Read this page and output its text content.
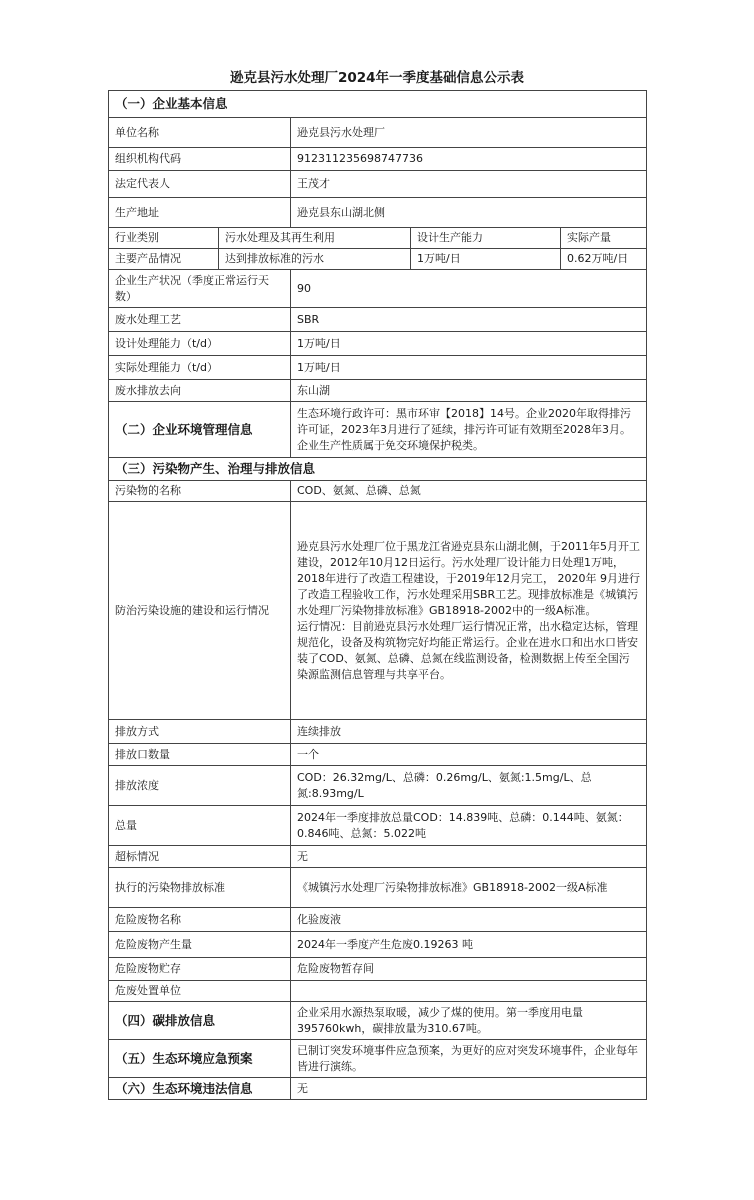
逊克县污水处理厂2024年一季度基础信息公示表
（一）企业基本信息				
单位名称		逊克县污水处理厂		
组织机构代码		912311235698747736		
法定代表人		王茂才		
生产地址		逊克县东山湖北侧		
行业类别	污水处理及其再生利用		设计生产能力	实际产量
主要产品情况	达到排放标准的污水		1万吨/日	0.62万吨/日
企业生产状况（季度正常运行天数）		90		
废水处理工艺		SBR		
设计处理能力（t/d）		1万吨/日		
实际处理能力（t/d）		1万吨/日		
废水排放去向		东山湖		
（二）企业环境管理信息		生态环境行政许可：黑市环审【2018】14号。企业2020年取得排污许可证，2023年3月进行了延续，排污许可证有效期至2028年3月。企业生产性质属于免交环境保护税类。		
（三）污染物产生、治理与排放信息				
污染物的名称		COD、氨氮、总磷、总氮		
防治污染设施的建设和运行情况		逊克县污水处理厂位于黑龙江省逊克县东山湖北侧，于2011年5月开工建设，2012年10月12日运行。污水处理厂设计能力日处理1万吨， 2018年进行了改造工程建设，于2019年12月完工， 2020年 9月进行了改造工程验收工作，污水处理采用SBR工艺。现排放标准是《城镇污水处理厂污染物排放标准》GB18918-2002中的一级A标准。
运行情况：目前逊克县污水处理厂运行情况正常，出水稳定达标，管理规范化，设备及构筑物完好均能正常运行。企业在进水口和出水口皆安装了COD、氨氮、总磷、总氮在线监测设备，检测数据上传至全国污染源监测信息管理与共享平台。		

排放方式		连续排放		
排放口数量		一个		
排放浓度		COD：26.32mg/L、总磷：0.26mg/L、氨氮:1.5mg/L、总氮:8.93mg/L		
总量		2024年一季度排放总量COD：14.839吨、总磷：0.144吨、氨氮：0.846吨、总氮：5.022吨		
超标情况		无		
执行的污染物排放标准		《城镇污水处理厂污染物排放标准》GB18918-2002一级A标准		
危险废物名称		化验废液		
危险废物产生量		2024年一季度产生危废0.19263 吨		
危险废物贮存		危险废物暂存间		
危废处置单位				
（四）碳排放信息		企业采用水源热泵取暖，减少了煤的使用。第一季度用电量395760kwh，碳排放量为310.67吨。		
（五）生态环境应急预案		已制订突发环境事件应急预案，为更好的应对突发环境事件，企业每年皆进行演练。		
（六）生态环境违法信息		无		
